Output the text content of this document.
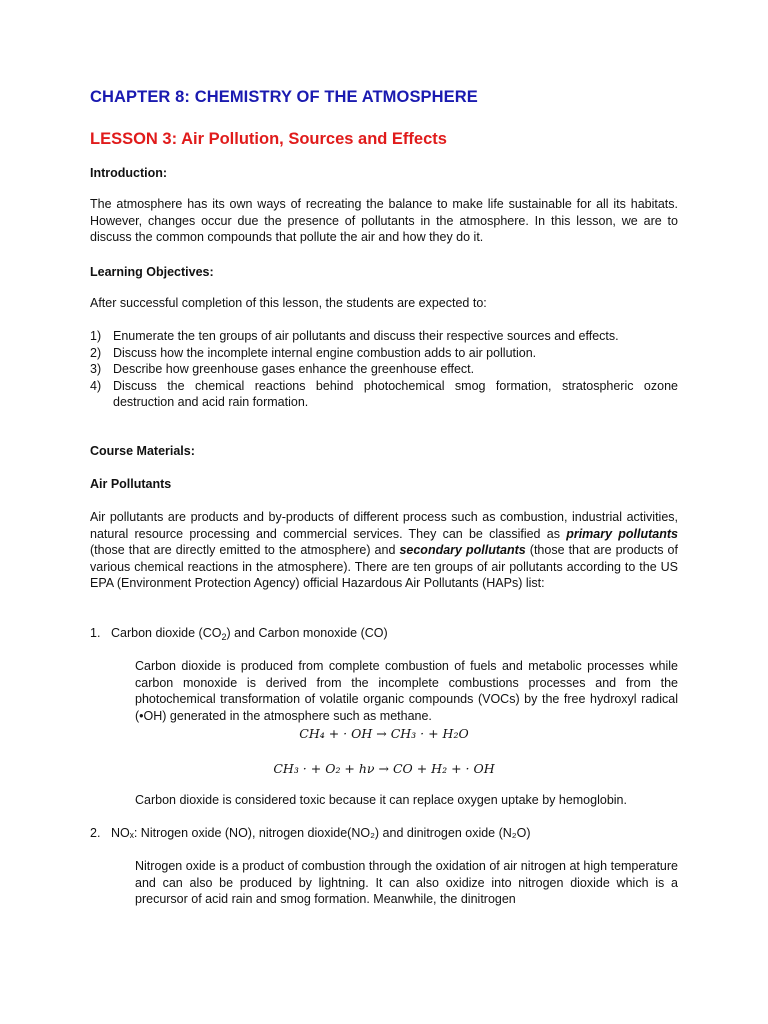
CHAPTER 8: CHEMISTRY OF THE ATMOSPHERE
LESSON 3: Air Pollution, Sources and Effects
Introduction:

The atmosphere has its own ways of recreating the balance to make life sustainable for all its habitats. However, changes occur due the presence of pollutants in the atmosphere. In this lesson, we are to discuss the common compounds that pollute the air and how they do it.

Learning Objectives:

After successful completion of this lesson, the students are expected to:

1) Enumerate the ten groups of air pollutants and discuss their respective sources and effects.
2) Discuss how the incomplete internal engine combustion adds to air pollution.
3) Describe how greenhouse gases enhance the greenhouse effect.
4) Discuss the chemical reactions behind photochemical smog formation, stratospheric ozone destruction and acid rain formation.
Course Materials:
Air Pollutants

Air pollutants are products and by-products of different process such as combustion, industrial activities, natural resource processing and commercial services. They can be classified as primary pollutants (those that are directly emitted to the atmosphere) and secondary pollutants (those that are products of various chemical reactions in the atmosphere). There are ten groups of air pollutants according to the US EPA (Environment Protection Agency) official Hazardous Air Pollutants (HAPs) list:

1. Carbon dioxide $(CO_2)$ and Carbon monoxide (CO)

Carbon dioxide is produced from complete combustion of fuels and metabolic processes while carbon monoxide is derived from the incomplete combustions processes and from the photochemical transformation of volatile organic compounds (VOCs) by the free hydroxyl radical (•OH) generated in the atmosphere such as methane.

CH₄ + · OH → CH₃ · + H₂O
CH₃ · + O₂ + hν → CO + H₂ + · OH

Carbon dioxide is considered toxic because it can replace oxygen uptake by hemoglobin.

2. NOₓ: Nitrogen oxide (NO), nitrogen dioxide(NO₂) and dinitrogen oxide (N₂O)

Nitrogen oxide is a product of combustion through the oxidation of air nitrogen at high temperature and can also be produced by lightning. It can also oxidize into nitrogen dioxide which is a precursor of acid rain and smog formation. Meanwhile, the dinitrogen
